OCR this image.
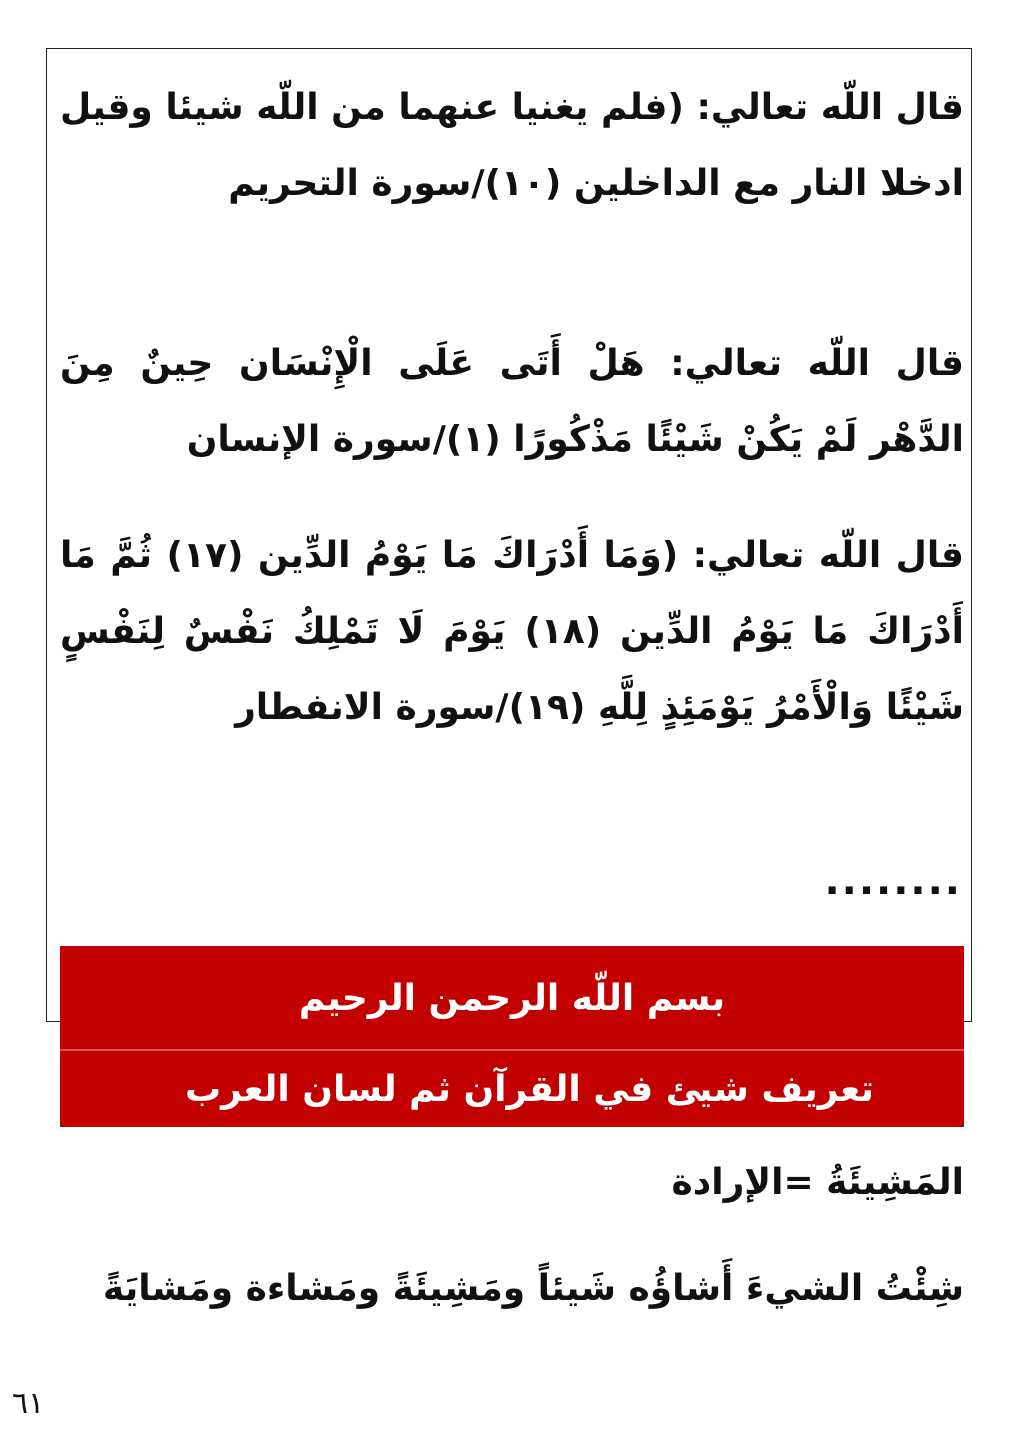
قال اللّه تعالي: (فلم يغنيا عنهما من اللّه شيئا وقيل ادخلا النار مع الداخلين (١٠)/سورة التحريم
قال اللّه تعالي: هَلْ أَتَى عَلَى الْإِنْسَان حِينٌ مِنَ الدَّهْر لَمْ يَكُنْ شَيْئًا مَذْكُورًا (١)/سورة الإنسان
قال اللّه تعالي: (وَمَا أَدْرَاكَ مَا يَوْمُ الدِّين (١٧) ثُمَّ مَا أَدْرَاكَ مَا يَوْمُ الدِّين (١٨) يَوْمَ لَا تَمْلِكُ نَفْسٌ لِنَفْسٍ شَيْئًا وَالْأَمْرُ يَوْمَئِذٍ لِلَّهِ (١٩)/سورة الانفطار
........
بسم اللّه الرحمن الرحيم
تعريف شيئ في القرآن ثم لسان العرب
المَشِيئَةُ =الإرادة
شِئْتُ الشيءَ أَشاؤُه شَيئاً ومَشِيئَةً ومَشاءة ومَشايَةً
٦١
